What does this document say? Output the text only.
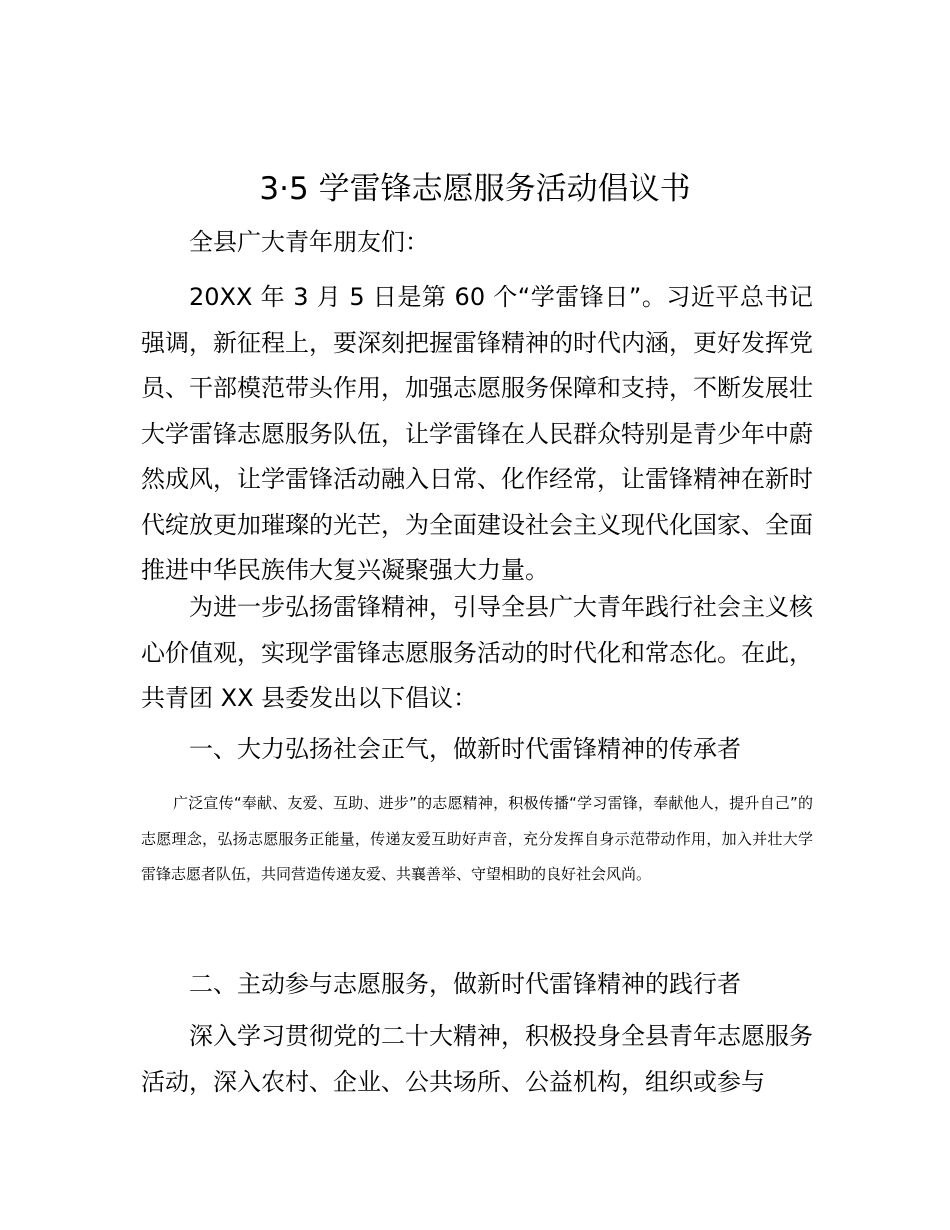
3·5 学雷锋志愿服务活动倡议书

全县广大青年朋友们：

20XX 年 3 月 5 日是第 60 个“学雷锋日”。习近平总书记强调，新征程上，要深刻把握雷锋精神的时代内涵，更好发挥党员、干部模范带头作用，加强志愿服务保障和支持，不断发展壮大学雷锋志愿服务队伍，让学雷锋在人民群众特别是青少年中蔚然成风，让学雷锋活动融入日常、化作经常，让雷锋精神在新时代绽放更加璀璨的光芒，为全面建设社会主义现代化国家、全面推进中华民族伟大复兴凝聚强大力量。

为进一步弘扬雷锋精神，引导全县广大青年践行社会主义核心价值观，实现学雷锋志愿服务活动的时代化和常态化。在此，共青团 XX 县委发出以下倡议：

一、大力弘扬社会正气，做新时代雷锋精神的传承者

广泛宣传“奉献、友爱、互助、进步”的志愿精神，积极传播“学习雷锋，奉献他人，提升自己”的志愿理念，弘扬志愿服务正能量，传递友爱互助好声音，充分发挥自身示范带动作用，加入并壮大学雷锋志愿者队伍，共同营造传递友爱、共襄善举、守望相助的良好社会风尚。

二、主动参与志愿服务，做新时代雷锋精神的践行者

深入学习贯彻党的二十大精神，积极投身全县青年志愿服务活动，深入农村、企业、公共场所、公益机构，组织或参与
